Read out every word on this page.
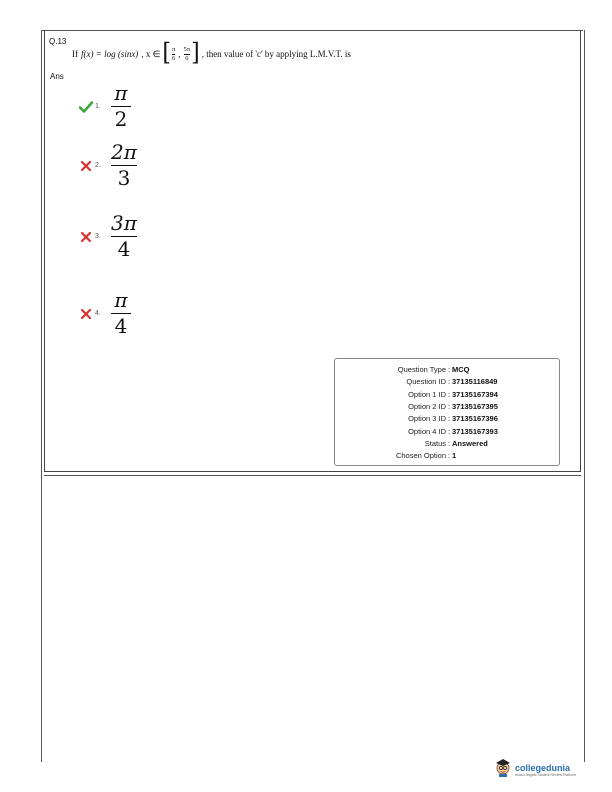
Q.13
If f(x) = log (sinx) , x ∈ [ $\frac{\pi}{6}$ , $\frac{5\pi}{6}$ ] , then value of 'c' by applying L.M.V.T. is
Ans
1. $\frac{\pi}{2}$
2. $\frac{2\pi}{3}$
3. $\frac{3\pi}{4}$
4. $\frac{\pi}{4}$
Question Type : MCQ
Question ID : 37135116849
Option 1 ID : 37135167394
Option 2 ID : 37135167395
Option 3 ID : 37135167396
Option 4 ID : 37135167393
Status : Answered
Chosen Option : 1
collegedunia
India's largest Student Review Platform
